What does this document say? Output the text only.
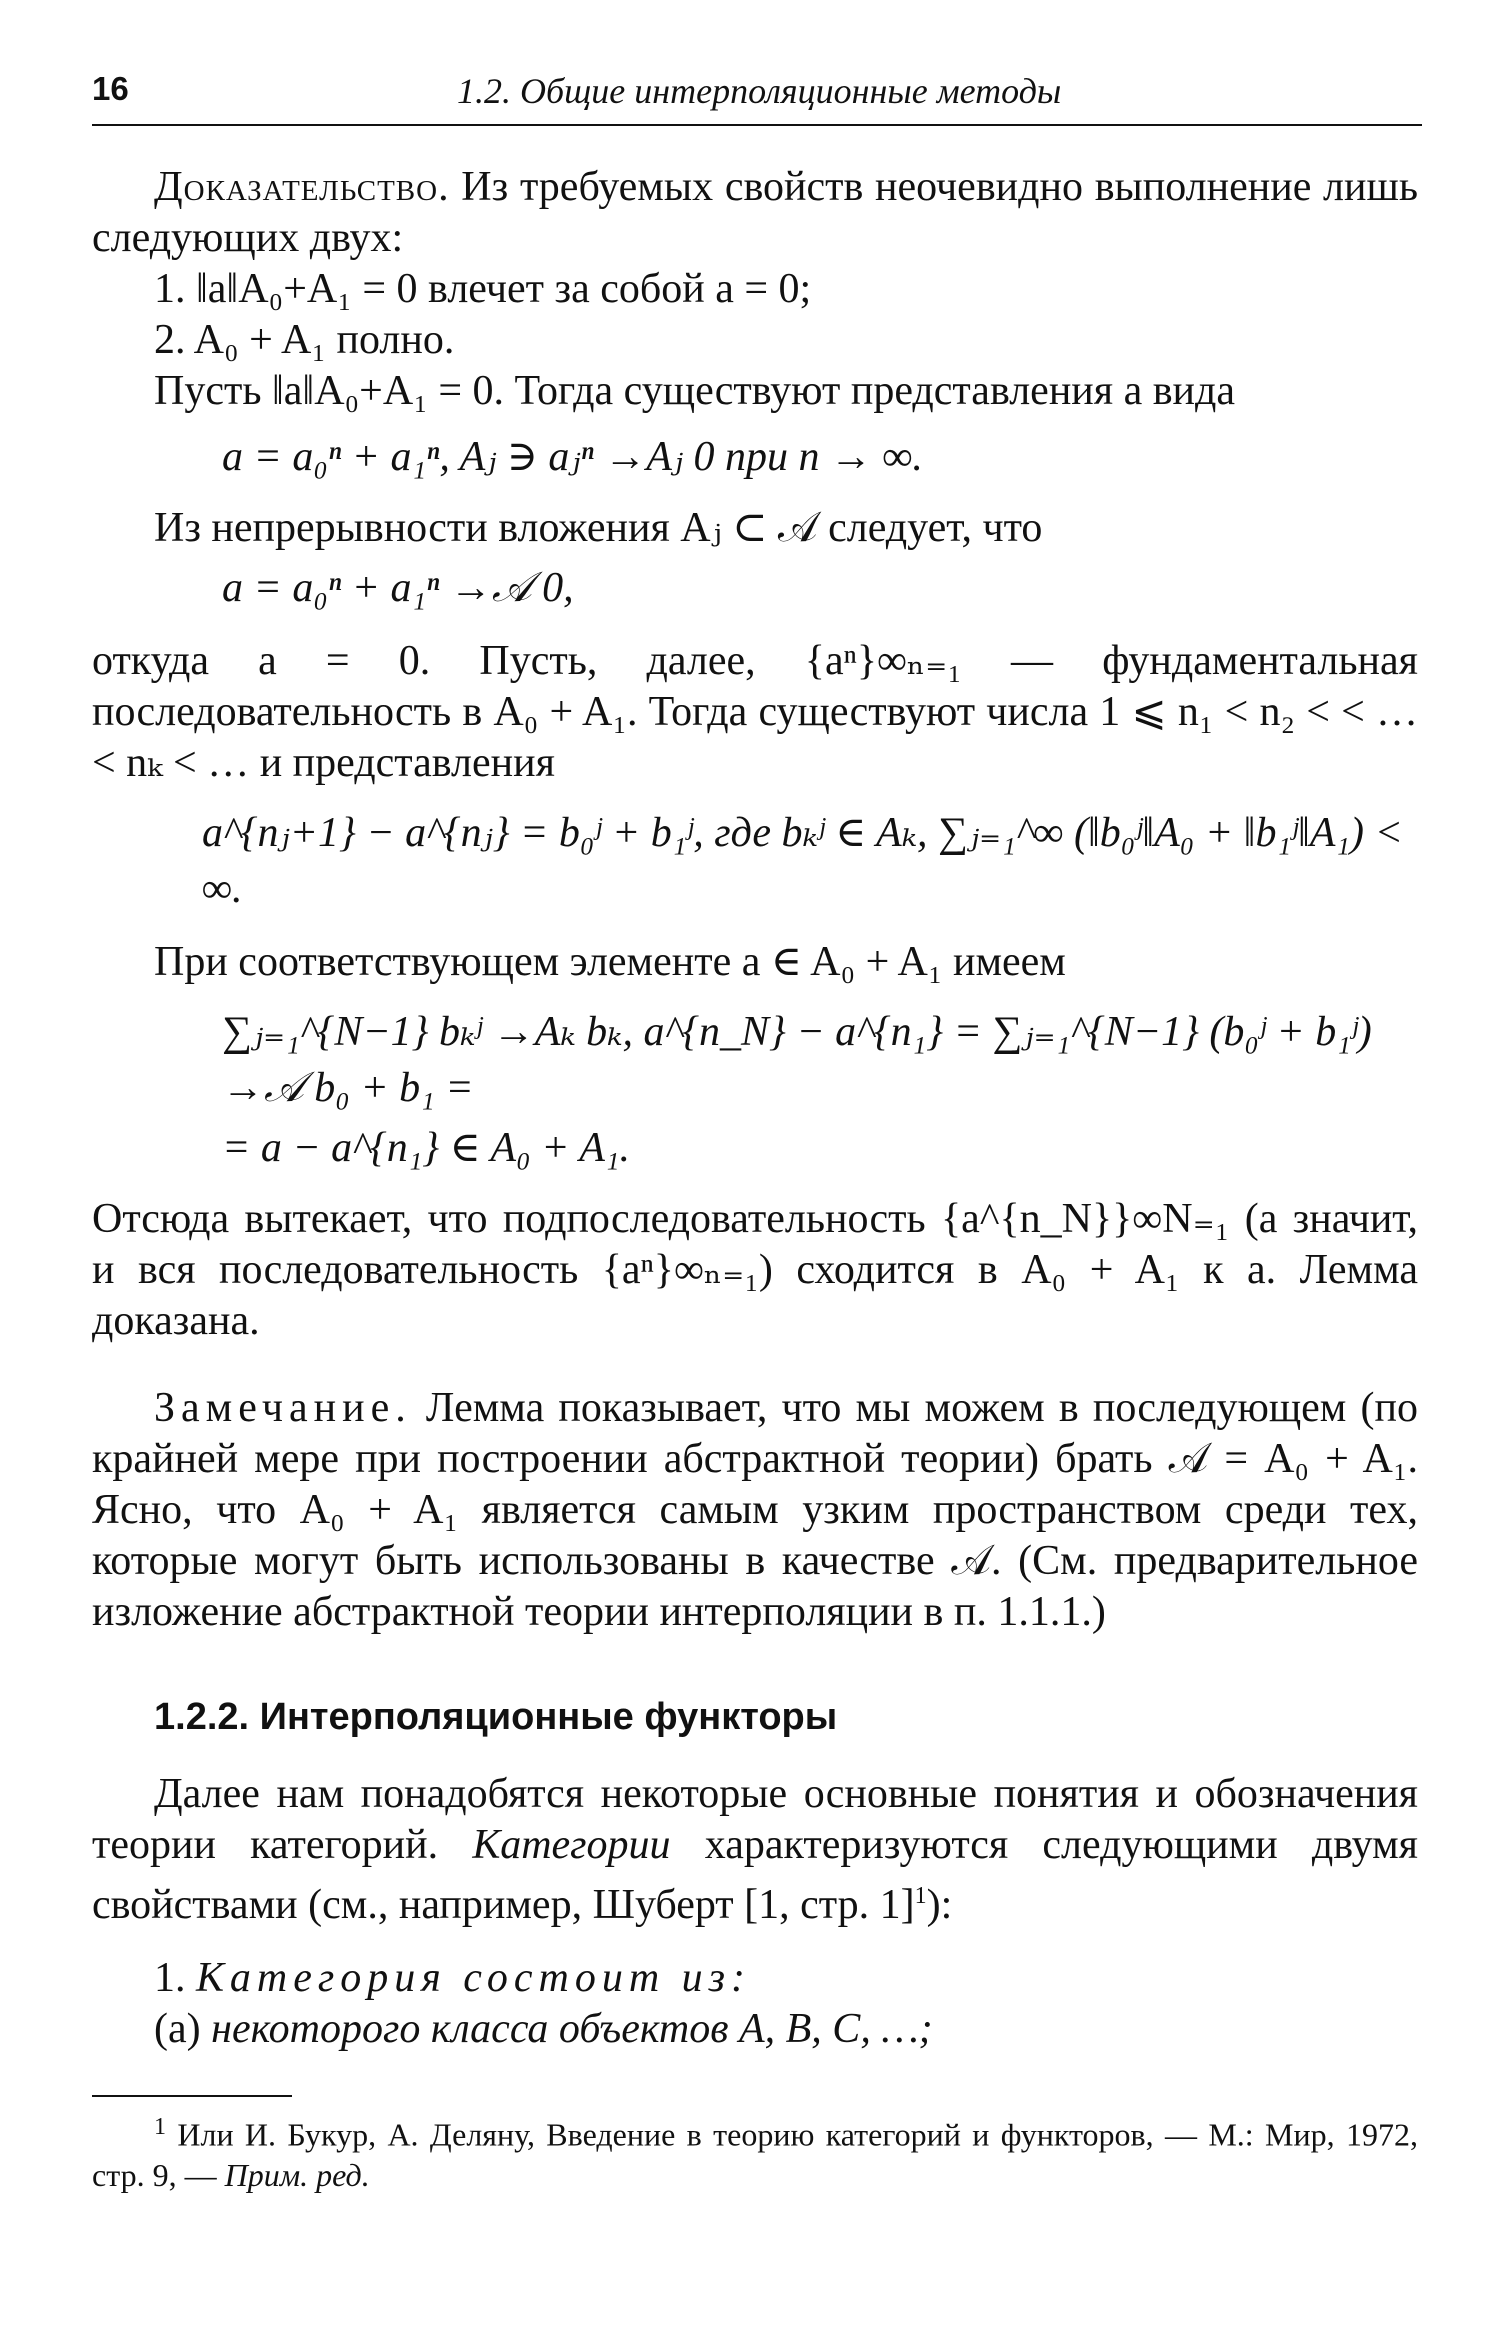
16	1.2. Общие интерполяционные методы

Доказательство. Из требуемых свойств неочевидно выполнение лишь следующих двух:

1. ‖a‖A₀+A₁ = 0 влечет за собой a = 0;
2. A₀ + A₁ полно.

Пусть ‖a‖A₀+A₁ = 0. Тогда существуют представления a вида

a = a₀ⁿ + a₁ⁿ, Aⱼ ∋ aⱼⁿ →Aⱼ 0 при n → ∞.

Из непрерывности вложения Aⱼ ⊂ 𝒜 следует, что

a = a₀ⁿ + a₁ⁿ →𝒜 0,

откуда a = 0. Пусть, далее, {aⁿ}∞ₙ₌₁ — фундаментальная последовательность в A₀ + A₁. Тогда существуют числа 1 ⩽ n₁ < n₂ < < … < nₖ < … и представления

a^{nⱼ+1} − a^{nⱼ} = b₀ʲ + b₁ʲ, где bₖʲ ∈ Aₖ, ∑ⱼ₌₁^∞ (‖b₀ʲ‖A₀ + ‖b₁ʲ‖A₁) < ∞.

При соответствующем элементе a ∈ A₀ + A₁ имеем

∑ⱼ₌₁^{N−1} bₖʲ →Aₖ bₖ, a^{n_N} − a^{n₁} = ∑ⱼ₌₁^{N−1} (b₀ʲ + b₁ʲ) →𝒜 b₀ + b₁ =
= a − a^{n₁} ∈ A₀ + A₁.

Отсюда вытекает, что подпоследовательность {a^{n_N}}∞N₌₁ (а значит, и вся последовательность {aⁿ}∞ₙ₌₁) сходится в A₀ + A₁ к a. Лемма доказана.

Замечание. Лемма показывает, что мы можем в последующем (по крайней мере при построении абстрактной теории) брать 𝒜 = A₀ + A₁. Ясно, что A₀ + A₁ является самым узким пространством среди тех, которые могут быть использованы в качестве 𝒜. (См. предварительное изложение абстрактной теории интерполяции в п. 1.1.1.)

1.2.2. Интерполяционные функторы

Далее нам понадобятся некоторые основные понятия и обозначения теории категорий. Категории характеризуются следующими двумя свойствами (см., например, Шуберт [1, стр. 1]$^1$):

1. Категория состоит из:
(a) некоторого класса объектов A, B, C, …;
$^1$ Или И. Букур, А. Деляну, Введение в теорию категорий и функторов, — М.: Мир, 1972, стр. 9, — Прим. ред.
